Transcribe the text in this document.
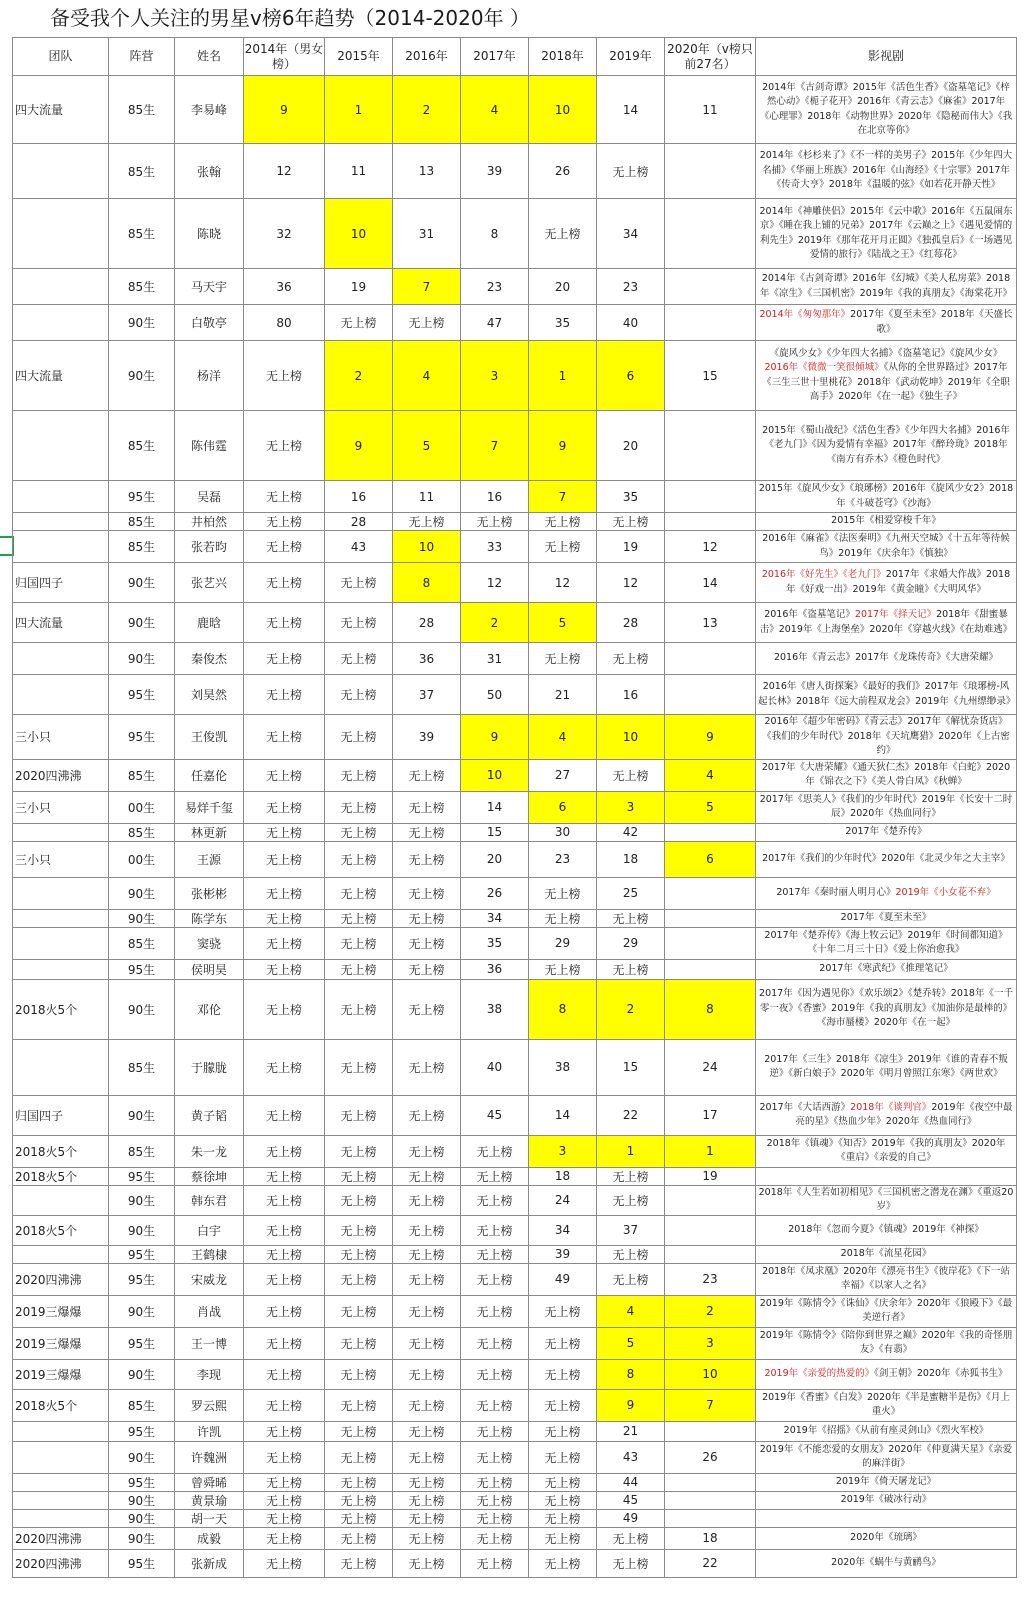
备受我个人关注的男星v榜6年趋势（2014-2020年 ）
团队	阵营	姓名	2014年（男女榜）	2015年	2016年	2017年	2018年	2019年	2020年（v榜只前27名）	影视剧
四大流量	85生	李易峰	9	1	2	4	10	14	11	2014年《古剑奇谭》2015年《活色生香》《盗墓笔记》《梓然心动》《栀子花开》2016年《青云志》《麻雀》2017年《心理罪》2018年《动物世界》2020年《隐秘而伟大》《我在北京等你》
	85生	张翰	12	11	13	39	26	无上榜		2014年《杉杉来了》《不一样的美男子》2015年《少年四大名捕》《华丽上班族》2016年《山海经》《十宗罪》2017年《传奇大亨》2018年《温暖的弦》《如若花开静天性》
	85生	陈晓	32	10	31	8	无上榜	34		2014年《神雕侠侣》2015年《云中歌》2016年《五鼠闹东京》《睡在我上铺的兄弟》2017年《云巅之上》《遇见爱情的利先生》2019年《那年花开月正圆》《独孤皇后》《一场遇见爱情的旅行》《陆战之王》《红莓花》
	85生	马天宇	36	19	7	23	20	23		2014年《古剑奇谭》2016年《幻城》《美人私房菜》2018年《凉生》《三国机密》2019年《我的真朋友》《海棠花开》
	90生	白敬亭	80	无上榜	无上榜	47	35	40		2014年《匆匆那年》2017年《夏至未至》2018年《天盛长歌》
四大流量	90生	杨洋	无上榜	2	4	3	1	6	15	《旋风少女》《少年四大名捕》《盗墓笔记》《旋风少女》2016年《微微一笑很倾城》《从你的全世界路过》2017年《三生三世十里桃花》2018年《武动乾坤》2019年《全职高手》2020年《在一起》《独生子》
	85生	陈伟霆	无上榜	9	5	7	9	20		2015年《蜀山战纪》《活色生香》《少年四大名捕》2016年《老九门》《因为爱情有幸福》2017年《醉玲珑》2018年《南方有乔木》《橙色时代》
	95生	吴磊	无上榜	16	11	16	7	35		2015年《旋风少女》《琅琊榜》2016年《旋风少女2》2018年《斗破苍穹》《沙海》
	85生	井柏然	无上榜	28	无上榜	无上榜	无上榜	无上榜		2015年《相爱穿梭千年》
	85生	张若昀	无上榜	43	10	33	无上榜	19	12	2016年《麻雀》《法医秦明》《九州天空城》《十五年等待候鸟》2019年《庆余年》《慎独》
归国四子	90生	张艺兴	无上榜	无上榜	8	12	12	12	14	2016年《好先生》《老九门》2017年《求婚大作战》2018年《好戏一出》2019年《黄金瞳》《大明风华》
四大流量	90生	鹿晗	无上榜	无上榜	28	2	5	28	13	2016年《盗墓笔记》2017年《择天记》2018年《甜蜜暴击》2019年《上海堡垒》2020年《穿越火线》《在劫难逃》
	90生	秦俊杰	无上榜	无上榜	36	31	无上榜	无上榜		2016年《青云志》2017年《龙珠传奇》《大唐荣耀》
	95生	刘昊然	无上榜	无上榜	37	50	21	16		2016年《唐人街探案》《最好的我们》2017年《琅琊榜-风起长林》2018年《远大前程双龙会》2019年《九州缥缈录》
三小只	95生	王俊凯	无上榜	无上榜	39	9	4	10	9	2016年《超少年密码》《青云志》2017年《解忧杂货店》《我们的少年时代》2018年《天坑鹰猎》2020年《上古密约》
2020四沸沸	85生	任嘉伦	无上榜	无上榜	无上榜	10	27	无上榜	4	2017年《大唐荣耀》《通天狄仁杰》2018年《白蛇》2020年《锦衣之下》《美人骨白凤》《秋蝉》
三小只	00生	易烊千玺	无上榜	无上榜	无上榜	14	6	3	5	2017年《思美人》《我们的少年时代》2019年《长安十二时辰》2020年《热血同行》
	85生	林更新	无上榜	无上榜	无上榜	15	30	42		2017年《楚乔传》
三小只	00生	王源	无上榜	无上榜	无上榜	20	23	18	6	2017年《我们的少年时代》2020年《北灵少年之大主宰》
	90生	张彬彬	无上榜	无上榜	无上榜	26	无上榜	25		2017年《秦时丽人明月心》2019年《小女花不弃》
	90生	陈学东	无上榜	无上榜	无上榜	34	无上榜	无上榜		2017年《夏至未至》
	85生	窦骁	无上榜	无上榜	无上榜	35	29	29		2017年《楚乔传》《海上牧云记》2019年《时间都知道》《十年二月三十日》《爱上你治愈我》
	95生	侯明昊	无上榜	无上榜	无上榜	36	无上榜	无上榜		2017年《寒武纪》《推理笔记》
2018火5个	90生	邓伦	无上榜	无上榜	无上榜	38	8	2	8	2017年《因为遇见你》《欢乐颂2》《楚乔转》2018年《一千零一夜》《香蜜》2019年《我的真朋友》《加油你是最棒的》《海市蜃楼》2020年《在一起》
	85生	于朦胧	无上榜	无上榜	无上榜	40	38	15	24	2017年《三生》2018年《凉生》2019年《谁的青春不叛逆》《新白娘子》2020年《明月曾照江东寒》《两世欢》
归国四子	90生	黄子韬	无上榜	无上榜	无上榜	45	14	22	17	2017年《大话西游》2018年《谈判官》2019年《夜空中最亮的星》《热血少年》2020年《热血同行》
2018火5个	85生	朱一龙	无上榜	无上榜	无上榜	无上榜	3	1	1	2018年《镇魂》《知否》2019年《我的真朋友》2020年《重启》《亲爱的自己》
2018火5个	95生	蔡徐坤	无上榜	无上榜	无上榜	无上榜	18	无上榜	19	
	90生	韩东君	无上榜	无上榜	无上榜	无上榜	24	无上榜		2018年《人生若如初相见》《三国机密之潜龙在渊》《重返20岁》
2018火5个	90生	白宇	无上榜	无上榜	无上榜	无上榜	34	37		2018年《忽而今夏》《镇魂》2019年《神探》
	95生	王鹤棣	无上榜	无上榜	无上榜	无上榜	39	无上榜		2018年《流星花园》
2020四沸沸	95生	宋威龙	无上榜	无上榜	无上榜	无上榜	49	无上榜	23	2018年《凤求凰》2020年《漂亮书生》《彼岸花》《下一站幸福》《以家人之名》
2019三爆爆	90生	肖战	无上榜	无上榜	无上榜	无上榜	无上榜	4	2	2019年《陈情令》《诛仙》《庆余年》2020年《狼殿下》《最美逆行者》
2019三爆爆	95生	王一博	无上榜	无上榜	无上榜	无上榜	无上榜	5	3	2019年《陈情令》《陪你到世界之巅》2020年《我的奇怪朋友》《有翡》
2019三爆爆	90生	李现	无上榜	无上榜	无上榜	无上榜	无上榜	8	10	2019年《亲爱的热爱的》《剑王朝》2020年《赤狐书生》
2018火5个	85生	罗云熙	无上榜	无上榜	无上榜	无上榜	无上榜	9	7	2019年《香蜜》《白发》2020年《半是蜜糖半是伤》《月上重火》
	95生	许凯	无上榜	无上榜	无上榜	无上榜	无上榜	21		2019年《招摇》《从前有座灵剑山》《烈火军校》
	90生	许魏洲	无上榜	无上榜	无上榜	无上榜	无上榜	43	26	2019年《不能恋爱的女朋友》2020年《仲夏满天星》《亲爱的麻洋街》
	95生	曾舜晞	无上榜	无上榜	无上榜	无上榜	无上榜	44		2019年《倚天屠龙记》
	90生	黄景瑜	无上榜	无上榜	无上榜	无上榜	无上榜	45		2019年《破冰行动》
	90生	胡一天	无上榜	无上榜	无上榜	无上榜	无上榜	49		
2020四沸沸	90生	成毅	无上榜	无上榜	无上榜	无上榜	无上榜	无上榜	18	2020年《琉璃》
2020四沸沸	95生	张新成	无上榜	无上榜	无上榜	无上榜	无上榜	无上榜	22	2020年《蜗牛与黄鹂鸟》
